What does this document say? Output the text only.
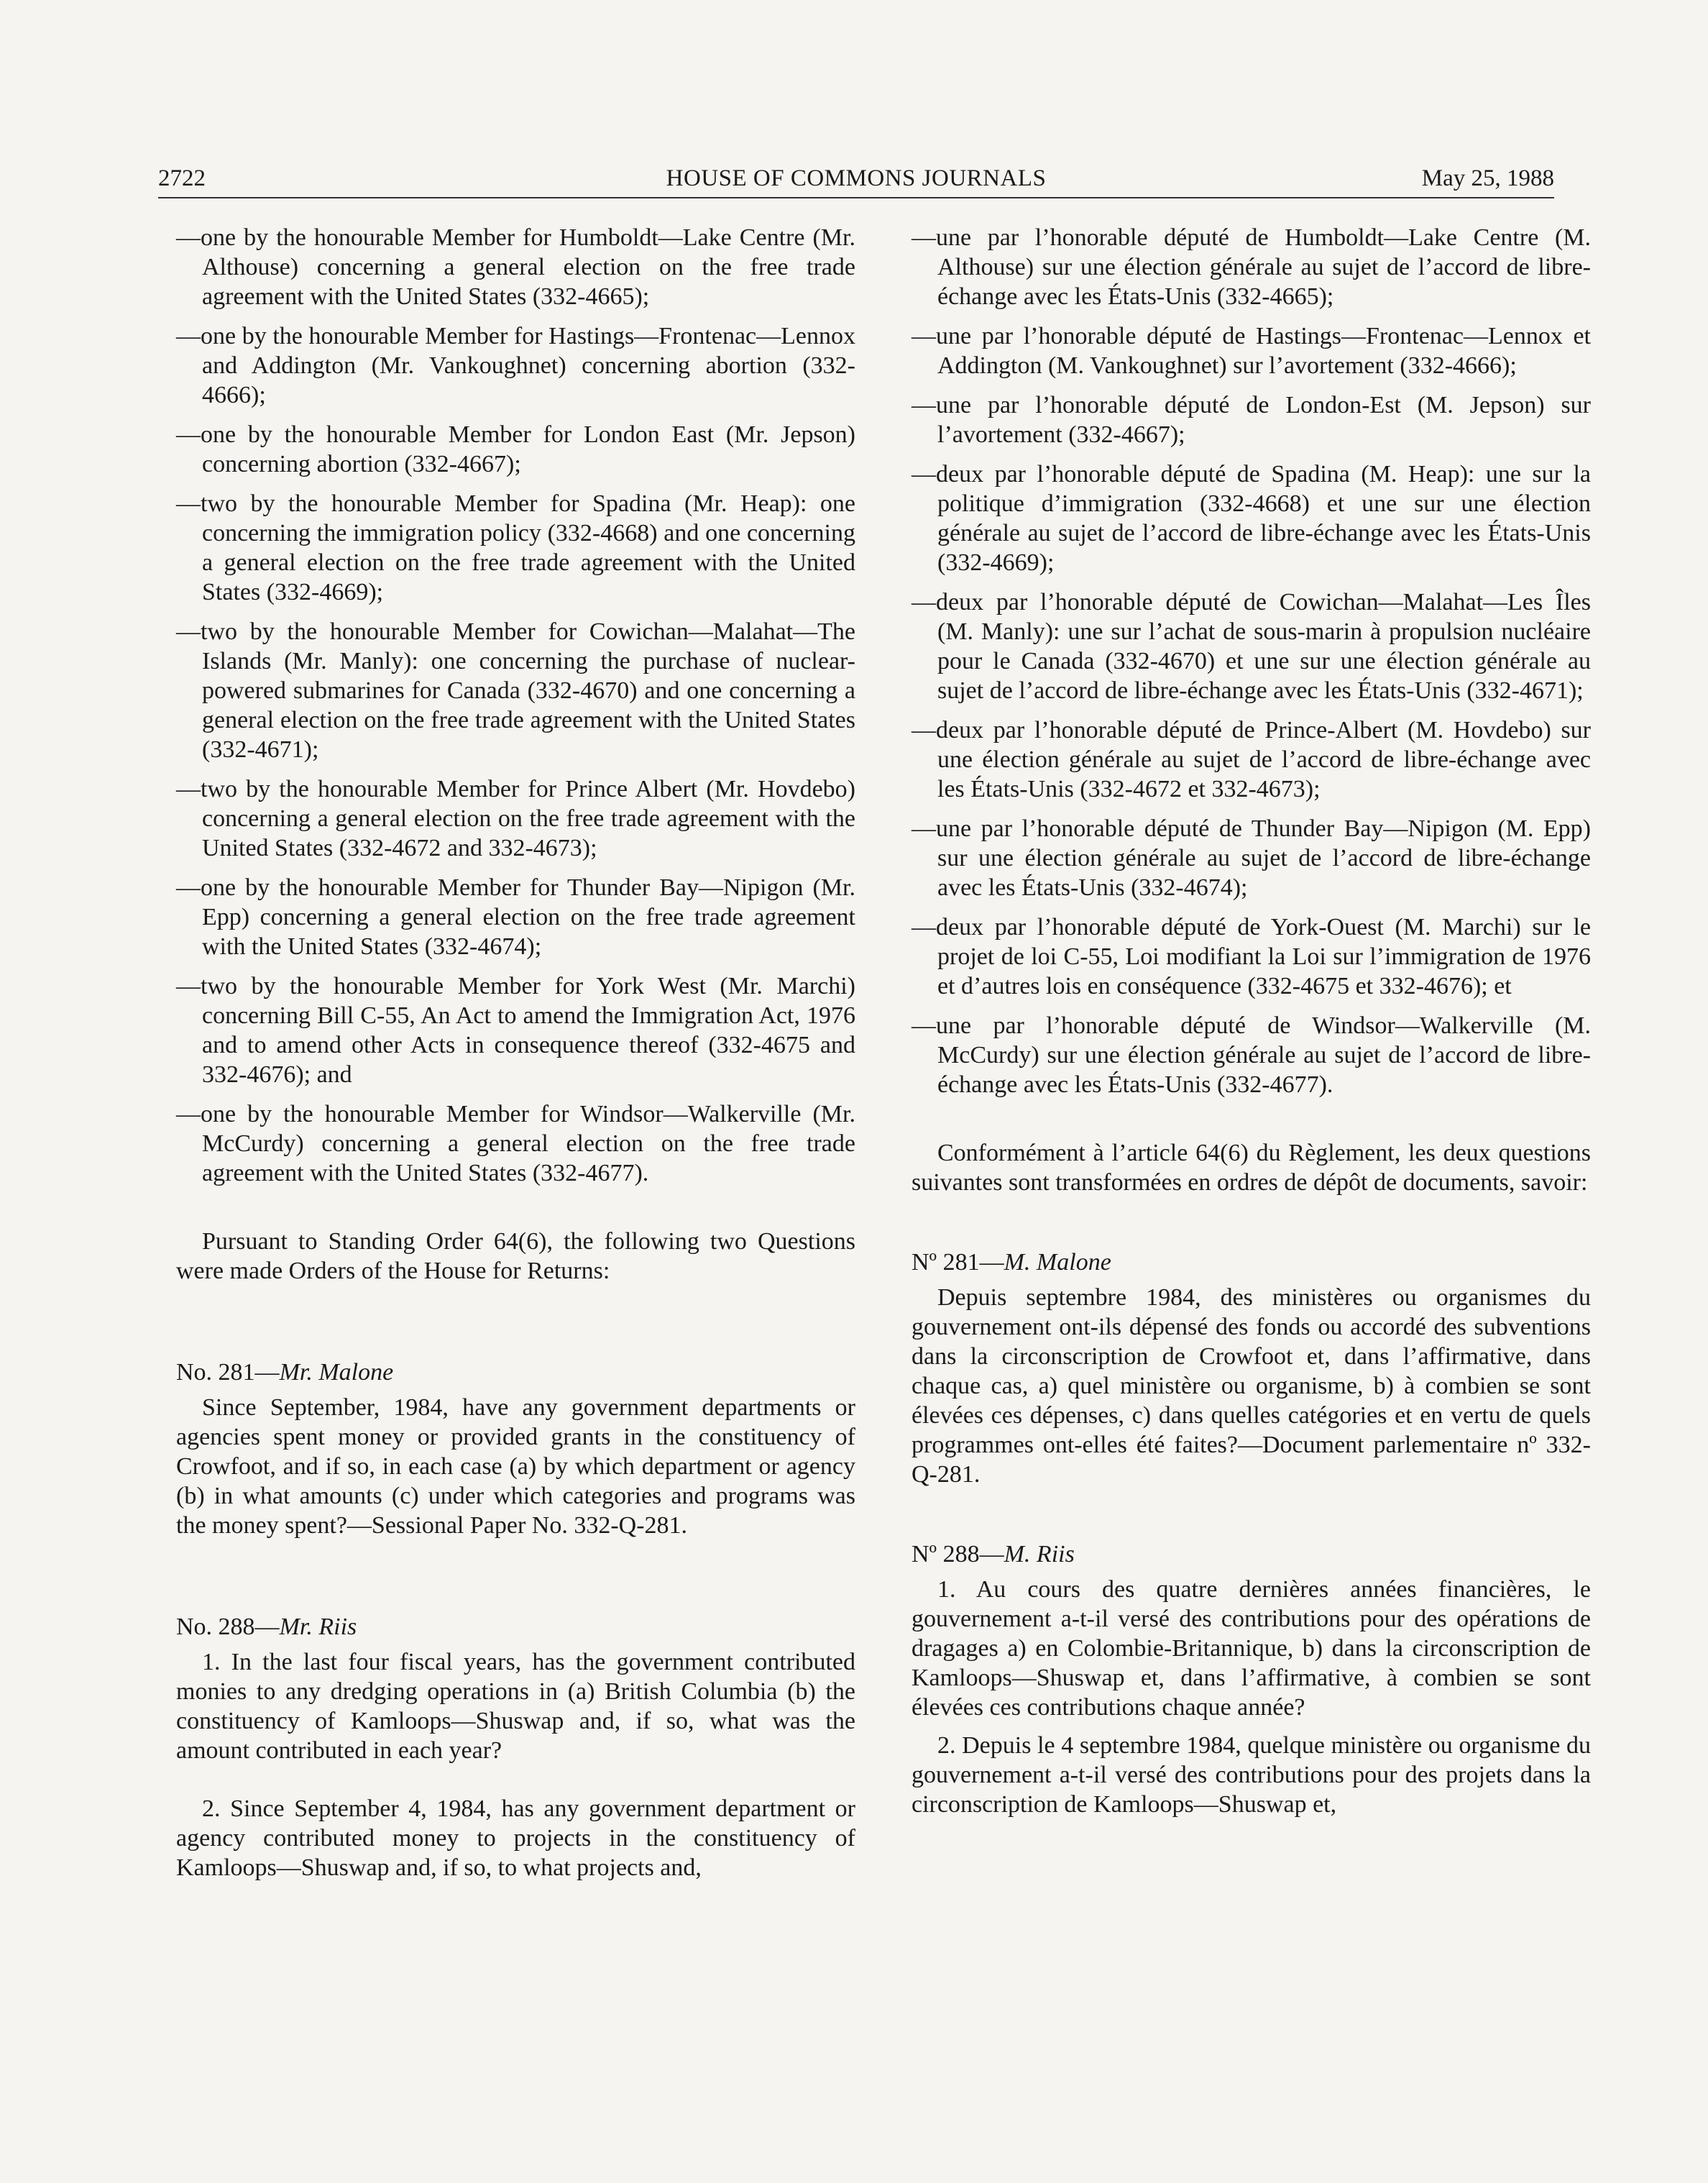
2722	HOUSE OF COMMONS JOURNALS	May 25, 1988

—one by the honourable Member for Humboldt—Lake Centre (Mr. Althouse) concerning a general election on the free trade agreement with the United States (332-4665);

—one by the honourable Member for Hastings—Frontenac—Lennox and Addington (Mr. Vankoughnet) concerning abortion (332-4666);

—one by the honourable Member for London East (Mr. Jepson) concerning abortion (332-4667);

—two by the honourable Member for Spadina (Mr. Heap): one concerning the immigration policy (332-4668) and one concerning a general election on the free trade agreement with the United States (332-4669);

—two by the honourable Member for Cowichan—Malahat—The Islands (Mr. Manly): one concerning the purchase of nuclear-powered submarines for Canada (332-4670) and one concerning a general election on the free trade agreement with the United States (332-4671);

—two by the honourable Member for Prince Albert (Mr. Hovdebo) concerning a general election on the free trade agreement with the United States (332-4672 and 332-4673);

—one by the honourable Member for Thunder Bay—Nipigon (Mr. Epp) concerning a general election on the free trade agreement with the United States (332-4674);

—two by the honourable Member for York West (Mr. Marchi) concerning Bill C-55, An Act to amend the Immigration Act, 1976 and to amend other Acts in consequence thereof (332-4675 and 332-4676); and

—one by the honourable Member for Windsor—Walkerville (Mr. McCurdy) concerning a general election on the free trade agreement with the United States (332-4677).

Pursuant to Standing Order 64(6), the following two Questions were made Orders of the House for Returns:

No. 281—Mr. Malone

Since September, 1984, have any government departments or agencies spent money or provided grants in the constituency of Crowfoot, and if so, in each case (a) by which department or agency (b) in what amounts (c) under which categories and programs was the money spent?—Sessional Paper No. 332-Q-281.

No. 288—Mr. Riis

1. In the last four fiscal years, has the government contributed monies to any dredging operations in (a) British Columbia (b) the constituency of Kamloops—Shuswap and, if so, what was the amount contributed in each year?

2. Since September 4, 1984, has any government department or agency contributed money to projects in the constituency of Kamloops—Shuswap and, if so, to what projects and,

—une par l’honorable député de Humboldt—Lake Centre (M. Althouse) sur une élection générale au sujet de l’accord de libre-échange avec les États-Unis (332-4665);

—une par l’honorable député de Hastings—Frontenac—Lennox et Addington (M. Vankoughnet) sur l’avortement (332-4666);

—une par l’honorable député de London-Est (M. Jepson) sur l’avortement (332-4667);

—deux par l’honorable député de Spadina (M. Heap): une sur la politique d’immigration (332-4668) et une sur une élection générale au sujet de l’accord de libre-échange avec les États-Unis (332-4669);

—deux par l’honorable député de Cowichan—Malahat—Les Îles (M. Manly): une sur l’achat de sous-marin à propulsion nucléaire pour le Canada (332-4670) et une sur une élection générale au sujet de l’accord de libre-échange avec les États-Unis (332-4671);

—deux par l’honorable député de Prince-Albert (M. Hovdebo) sur une élection générale au sujet de l’accord de libre-échange avec les États-Unis (332-4672 et 332-4673);

—une par l’honorable député de Thunder Bay—Nipigon (M. Epp) sur une élection générale au sujet de l’accord de libre-échange avec les États-Unis (332-4674);

—deux par l’honorable député de York-Ouest (M. Marchi) sur le projet de loi C-55, Loi modifiant la Loi sur l’immigration de 1976 et d’autres lois en conséquence (332-4675 et 332-4676); et

—une par l’honorable député de Windsor—Walkerville (M. McCurdy) sur une élection générale au sujet de l’accord de libre-échange avec les États-Unis (332-4677).

Conformément à l’article 64(6) du Règlement, les deux questions suivantes sont transformées en ordres de dépôt de documents, savoir:

Nº 281—M. Malone

Depuis septembre 1984, des ministères ou organismes du gouvernement ont-ils dépensé des fonds ou accordé des subventions dans la circonscription de Crowfoot et, dans l’affirmative, dans chaque cas, a) quel ministère ou organisme, b) à combien se sont élevées ces dépenses, c) dans quelles catégories et en vertu de quels programmes ont-elles été faites?—Document parlementaire nº 332-Q-281.

Nº 288—M. Riis

1. Au cours des quatre dernières années financières, le gouvernement a-t-il versé des contributions pour des opérations de dragages a) en Colombie-Britannique, b) dans la circonscription de Kamloops—Shuswap et, dans l’affirmative, à combien se sont élevées ces contributions chaque année?

2. Depuis le 4 septembre 1984, quelque ministère ou organisme du gouvernement a-t-il versé des contributions pour des projets dans la circonscription de Kamloops—Shuswap et,
